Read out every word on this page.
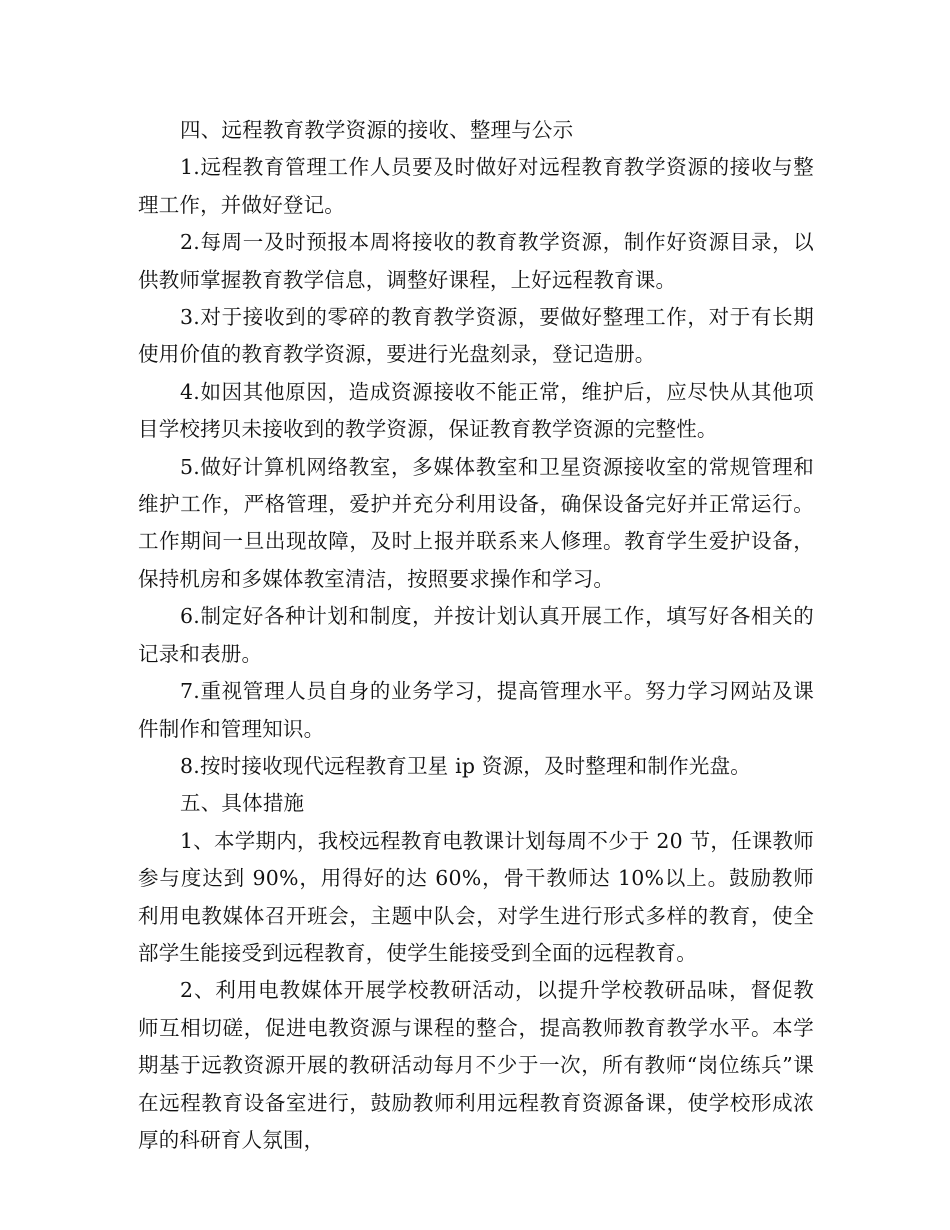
四、远程教育教学资源的接收、整理与公示

1.远程教育管理工作人员要及时做好对远程教育教学资源的接收与整理工作，并做好登记。

2.每周一及时预报本周将接收的教育教学资源，制作好资源目录，以供教师掌握教育教学信息，调整好课程，上好远程教育课。

3.对于接收到的零碎的教育教学资源，要做好整理工作，对于有长期使用价值的教育教学资源，要进行光盘刻录，登记造册。

4.如因其他原因，造成资源接收不能正常，维护后，应尽快从其他项目学校拷贝未接收到的教学资源，保证教育教学资源的完整性。

5.做好计算机网络教室，多媒体教室和卫星资源接收室的常规管理和维护工作，严格管理，爱护并充分利用设备，确保设备完好并正常运行。工作期间一旦出现故障，及时上报并联系来人修理。教育学生爱护设备，保持机房和多媒体教室清洁，按照要求操作和学习。

6.制定好各种计划和制度，并按计划认真开展工作，填写好各相关的记录和表册。

7.重视管理人员自身的业务学习，提高管理水平。努力学习网站及课件制作和管理知识。

8.按时接收现代远程教育卫星 ip 资源，及时整理和制作光盘。

五、具体措施

1、本学期内，我校远程教育电教课计划每周不少于 20 节，任课教师参与度达到 90%，用得好的达 60%，骨干教师达 10%以上。鼓励教师利用电教媒体召开班会，主题中队会，对学生进行形式多样的教育，使全部学生能接受到远程教育，使学生能接受到全面的远程教育。

2、利用电教媒体开展学校教研活动，以提升学校教研品味，督促教师互相切磋，促进电教资源与课程的整合，提高教师教育教学水平。本学期基于远教资源开展的教研活动每月不少于一次，所有教师“岗位练兵”课在远程教育设备室进行，鼓励教师利用远程教育资源备课，使学校形成浓厚的科研育人氛围，
